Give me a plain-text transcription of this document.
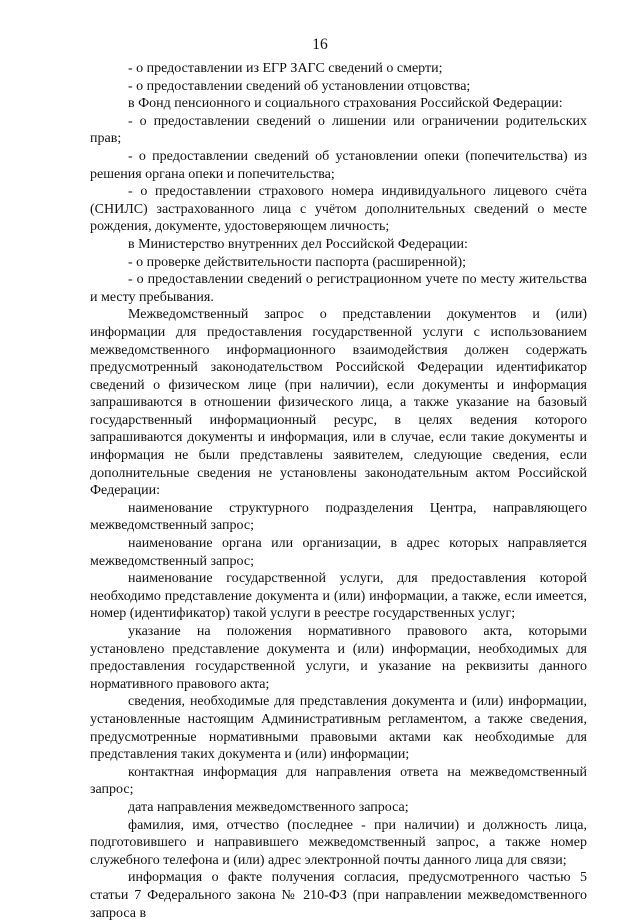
16

- о предоставлении из ЕГР ЗАГС сведений о смерти;

- о предоставлении сведений об установлении отцовства;

в Фонд пенсионного и социального страхования Российской Федерации:

- о предоставлении сведений о лишении или ограничении родительских прав;

- о предоставлении сведений об установлении опеки (попечительства) из решения органа опеки и попечительства;

- о предоставлении страхового номера индивидуального лицевого счёта (СНИЛС) застрахованного лица с учётом дополнительных сведений о месте рождения, документе, удостоверяющем личность;

в Министерство внутренних дел Российской Федерации:

- о проверке действительности паспорта (расширенной);

- о предоставлении сведений о регистрационном учете по месту жительства и месту пребывания.

Межведомственный запрос о представлении документов и (или) информации для предоставления государственной услуги с использованием межведомственного информационного взаимодействия должен содержать предусмотренный законодательством Российской Федерации идентификатор сведений о физическом лице (при наличии), если документы и информация запрашиваются в отношении физического лица, а также указание на базовый государственный информационный ресурс, в целях ведения которого запрашиваются документы и информация, или в случае, если такие документы и информация не были представлены заявителем, следующие сведения, если дополнительные сведения не установлены законодательным актом Российской Федерации:

наименование структурного подразделения Центра, направляющего межведомственный запрос;

наименование органа или организации, в адрес которых направляется межведомственный запрос;

наименование государственной услуги, для предоставления которой необходимо представление документа и (или) информации, а также, если имеется, номер (идентификатор) такой услуги в реестре государственных услуг;

указание на положения нормативного правового акта, которыми установлено представление документа и (или) информации, необходимых для предоставления государственной услуги, и указание на реквизиты данного нормативного правового акта;

сведения, необходимые для представления документа и (или) информации, установленные настоящим Административным регламентом, а также сведения, предусмотренные нормативными правовыми актами как необходимые для представления таких документа и (или) информации;

контактная информация для направления ответа на межведомственный запрос;

дата направления межведомственного запроса;

фамилия, имя, отчество (последнее - при наличии) и должность лица, подготовившего и направившего межведомственный запрос, а также номер служебного телефона и (или) адрес электронной почты данного лица для связи;

информация о факте получения согласия, предусмотренного частью 5 статьи 7 Федерального закона № 210-ФЗ (при направлении межведомственного запроса в
